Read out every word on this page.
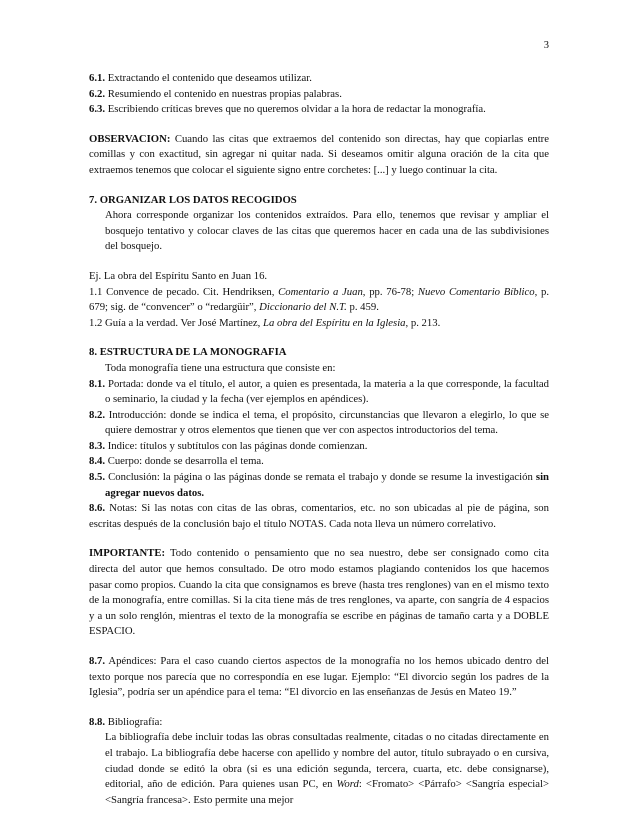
3

6.1. Extractando el contenido que deseamos utilizar.

6.2. Resumiendo el contenido en nuestras propias palabras.

6.3. Escribiendo críticas breves que no queremos olvidar a la hora de redactar la monografía.

OBSERVACION: Cuando las citas que extraemos del contenido son directas, hay que copiarlas entre comillas y con exactitud, sin agregar ni quitar nada. Si deseamos omitir alguna oración de la cita que extraemos tenemos que colocar el siguiente signo entre corchetes: [...] y luego continuar la cita.

7. ORGANIZAR LOS DATOS RECOGIDOS

Ahora corresponde organizar los contenidos extraídos. Para ello, tenemos que revisar y ampliar el bosquejo tentativo y colocar claves de las citas que queremos hacer en cada una de las subdivisiones del bosquejo.

Ej. La obra del Espíritu Santo en Juan 16.

1.1 Convence de pecado. Cit. Hendriksen, Comentario a Juan, pp. 76-78; Nuevo Comentario Bíblico, p. 679; sig. de “convencer” o “redargüir”, Diccionario del N.T. p. 459.

1.2 Guía a la verdad. Ver José Martínez, La obra del Espíritu en la Iglesia, p. 213.

8. ESTRUCTURA DE LA MONOGRAFIA

Toda monografía tiene una estructura que consiste en:

8.1. Portada: donde va el título, el autor, a quien es presentada, la materia a la que corresponde, la facultad o seminario, la ciudad y la fecha (ver ejemplos en apéndices).

8.2. Introducción: donde se indica el tema, el propósito, circunstancias que llevaron a elegirlo, lo que se quiere demostrar y otros elementos que tienen que ver con aspectos introductorios del tema.

8.3. Indice: títulos y subtítulos con las páginas donde comienzan.

8.4. Cuerpo: donde se desarrolla el tema.

8.5. Conclusión: la página o las páginas donde se remata el trabajo y donde se resume la investigación sin agregar nuevos datos.

8.6. Notas: Si las notas con citas de las obras, comentarios, etc. no son ubicadas al pie de página, son escritas después de la conclusión bajo el título NOTAS. Cada nota lleva un número correlativo.

IMPORTANTE: Todo contenido o pensamiento que no sea nuestro, debe ser consignado como cita directa del autor que hemos consultado. De otro modo estamos plagiando contenidos los que hacemos pasar como propios. Cuando la cita que consignamos es breve (hasta tres renglones) van en el mismo texto de la monografía, entre comillas. Si la cita tiene más de tres renglones, va aparte, con sangría de 4 espacios y a un solo renglón, mientras el texto de la monografía se escribe en páginas de tamaño carta y a DOBLE ESPACIO.

8.7. Apéndices: Para el caso cuando ciertos aspectos de la monografía no los hemos ubicado dentro del texto porque nos parecía que no correspondía en ese lugar. Ejemplo: “El divorcio según los padres de la Iglesia”, podría ser un apéndice para el tema: “El divorcio en las enseñanzas de Jesús en Mateo 19.”

8.8. Bibliografía:

La bibliografía debe incluir todas las obras consultadas realmente, citadas o no citadas directamente en el trabajo. La bibliografía debe hacerse con apellido y nombre del autor, título subrayado o en cursiva, ciudad donde se editó la obra (si es una edición segunda, tercera, cuarta, etc. debe consignarse), editorial, año de edición. Para quienes usan PC, en Word: <Fromato> <Párrafo> <Sangría especial> <Sangría francesa>. Esto permite una mejor
